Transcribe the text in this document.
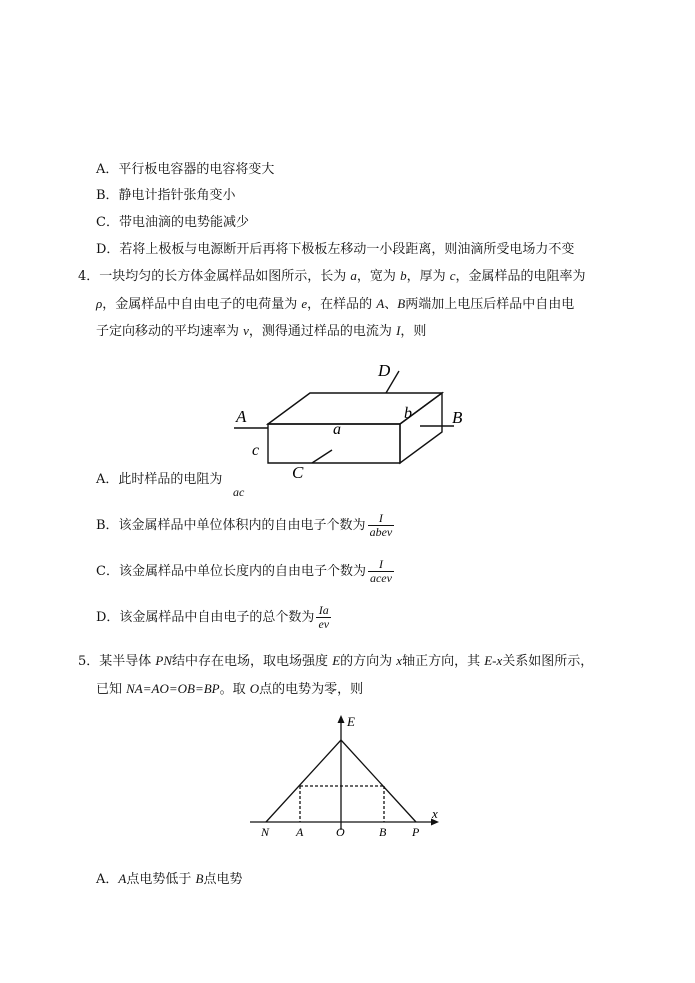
A．平行板电容器的电容将变大
B．静电计指针张角变小
C．带电油滴的电势能减少
D．若将上极板与电源断开后再将下极板左移动一小段距离，则油滴所受电场力不变
4．一块均匀的长方体金属样品如图所示，长为 a，宽为 b，厚为 c，金属样品的电阻率为
ρ，金属样品中自由电子的电荷量为 e，在样品的 A、B两端加上电压后样品中自由电
子定向移动的平均速率为 v，测得通过样品的电流为 I，则
D
A	B
C
a
b
c
A．此时样品的电阻为
ac
B．该金属样品中单位体积内的自由电子个数为 $\frac{I}{\text{abev}}$
C．该金属样品中单位长度内的自由电子个数为 $\frac{I}{\text{acev}}$
D．该金属样品中自由电子的总个数为 $\frac{Ia}{ev}$
5．某半导体 PN结中存在电场，取电场强度 E的方向为 x轴正方向，其 E-x关系如图所示，
已知 NA=AO=OB=BP。取 O点的电势为零，则
E
x
N A	O	B P
A．A点电势低于 B点电势
